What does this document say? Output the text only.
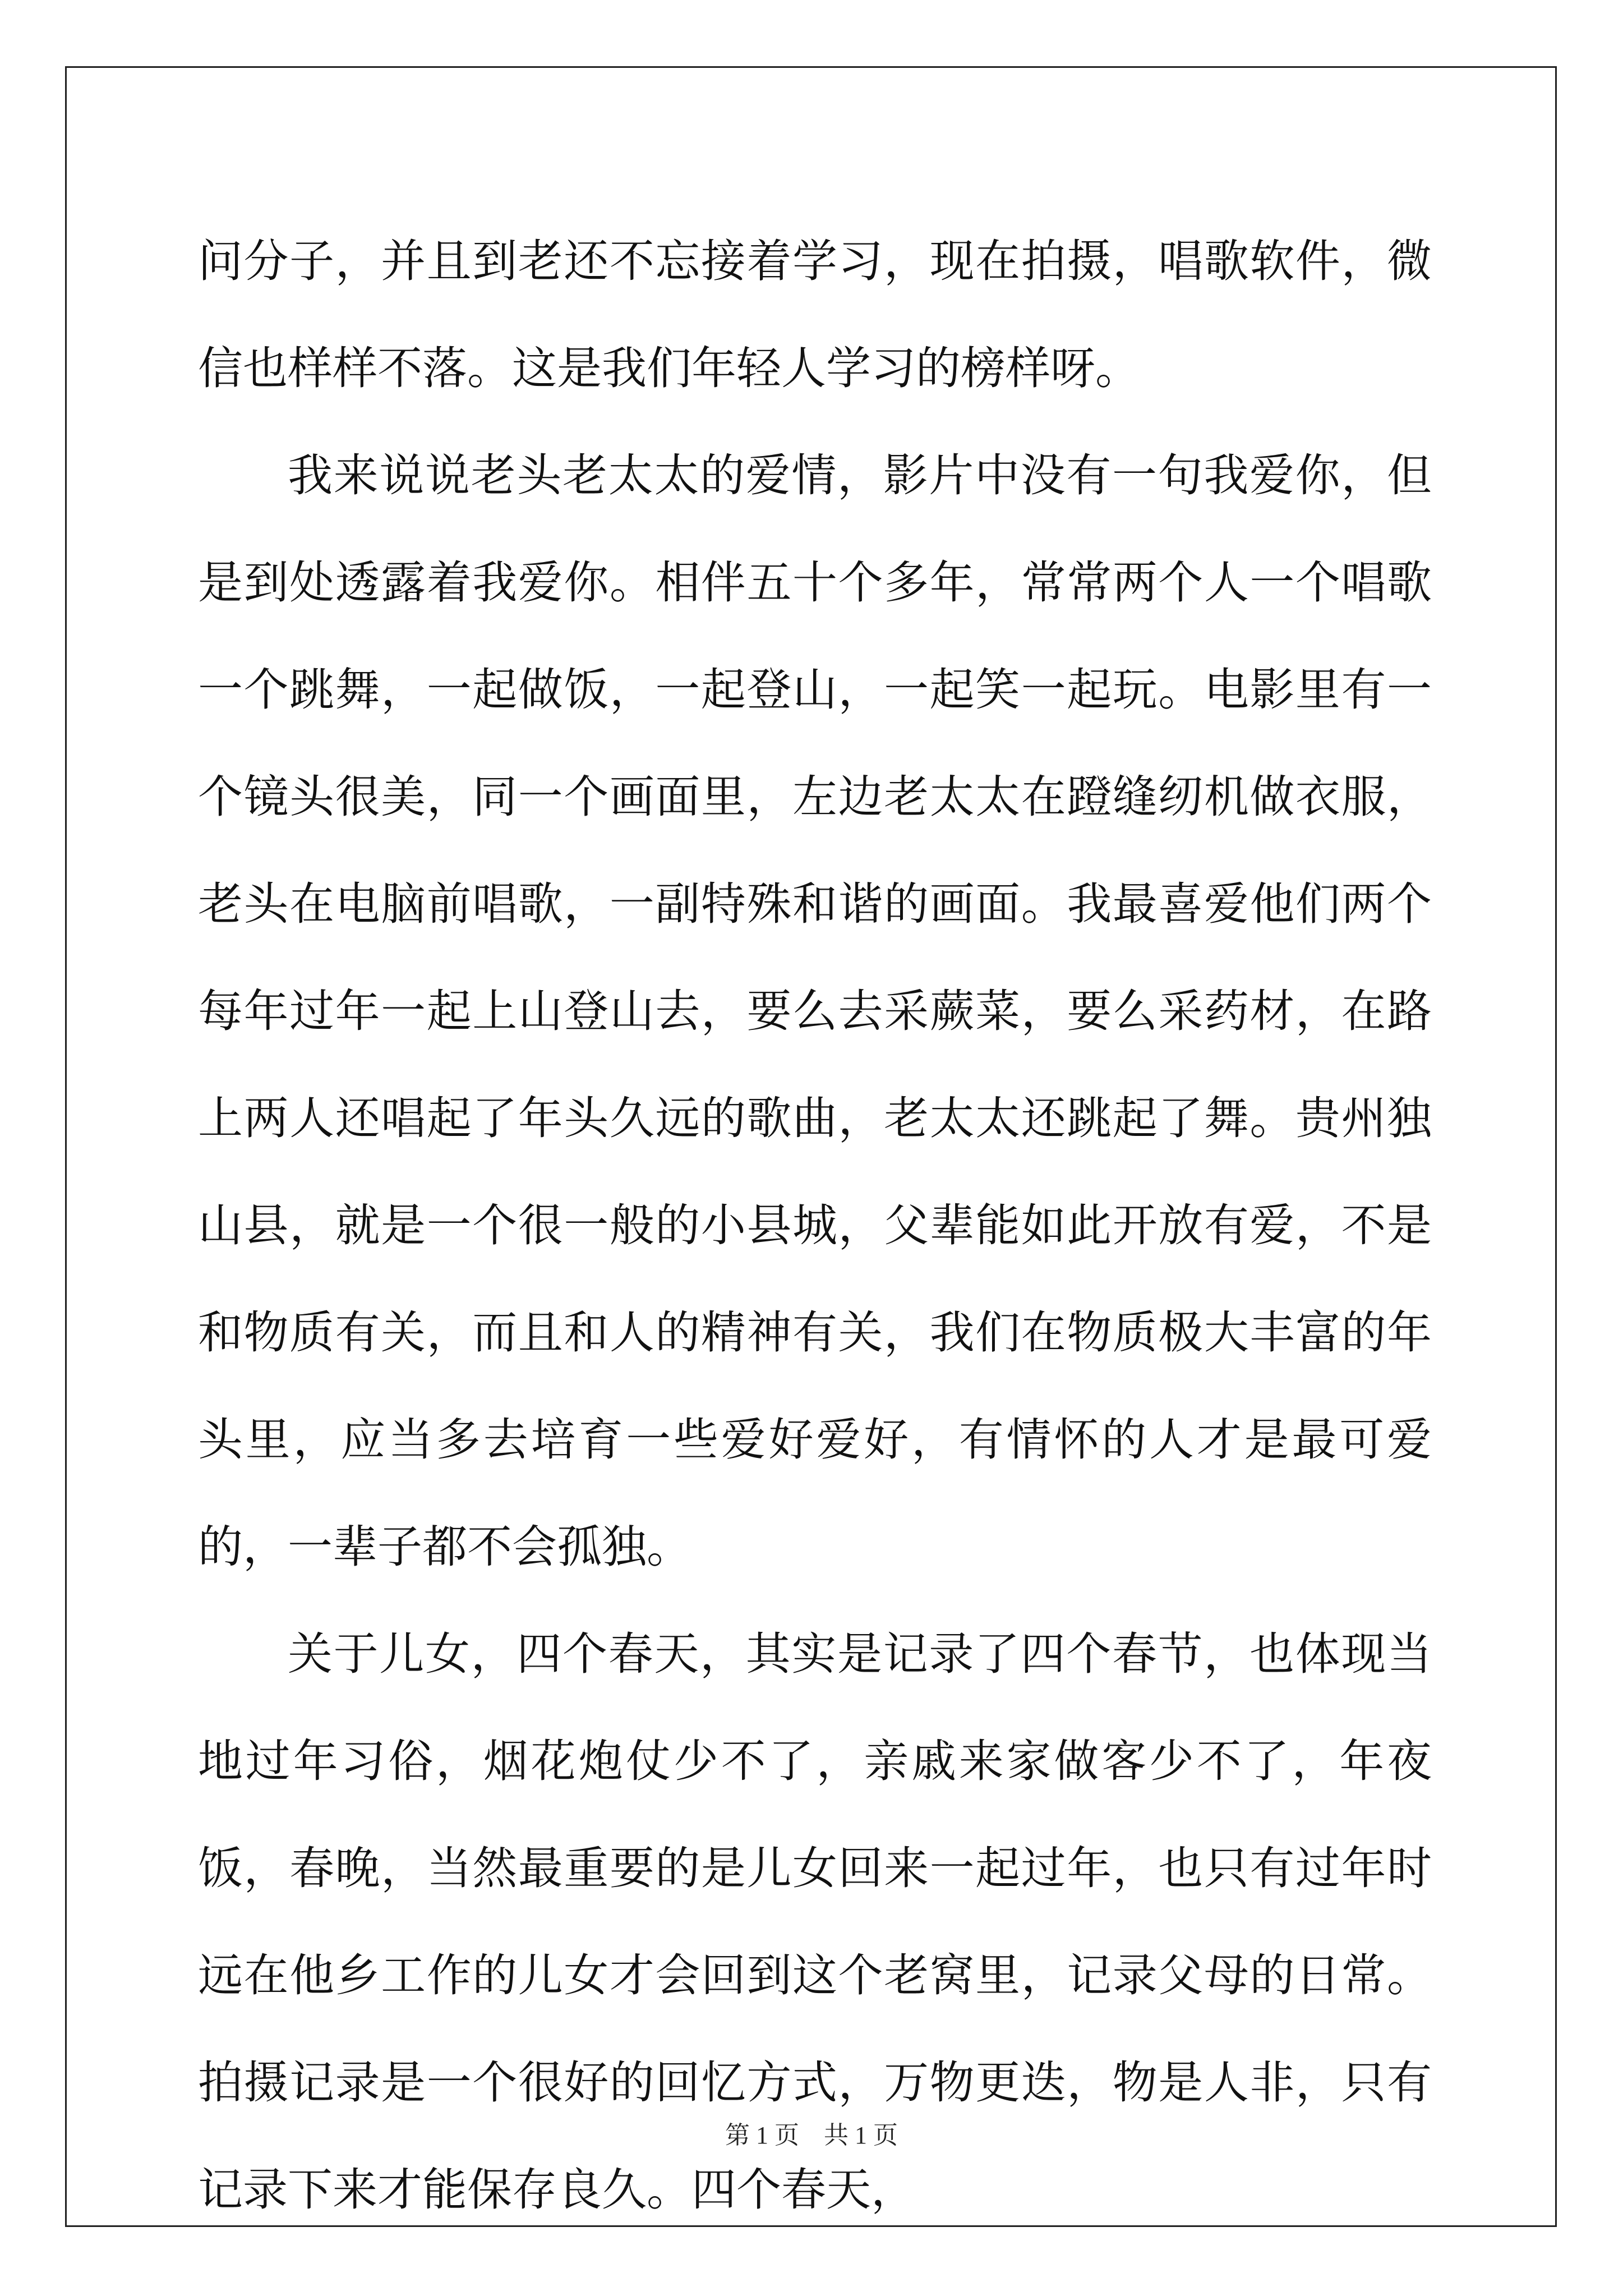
问分子，并且到老还不忘接着学习，现在拍摄，唱歌软件，微信也样样不落。这是我们年轻人学习的榜样呀。

我来说说老头老太太的爱情，影片中没有一句我爱你，但是到处透露着我爱你。相伴五十个多年，常常两个人一个唱歌一个跳舞，一起做饭，一起登山，一起笑一起玩。电影里有一个镜头很美，同一个画面里，左边老太太在蹬缝纫机做衣服，老头在电脑前唱歌，一副特殊和谐的画面。我最喜爱他们两个每年过年一起上山登山去，要么去采蕨菜，要么采药材，在路上两人还唱起了年头久远的歌曲，老太太还跳起了舞。贵州独山县，就是一个很一般的小县城，父辈能如此开放有爱，不是和物质有关，而且和人的精神有关，我们在物质极大丰富的年头里，应当多去培育一些爱好爱好，有情怀的人才是最可爱的，一辈子都不会孤独。

关于儿女，四个春天，其实是记录了四个春节，也体现当地过年习俗，烟花炮仗少不了，亲戚来家做客少不了，年夜饭，春晚，当然最重要的是儿女回来一起过年，也只有过年时远在他乡工作的儿女才会回到这个老窝里，记录父母的日常。拍摄记录是一个很好的回忆方式，万物更迭，物是人非，只有记录下来才能保存良久。四个春天，

第 1 页　共 1 页
